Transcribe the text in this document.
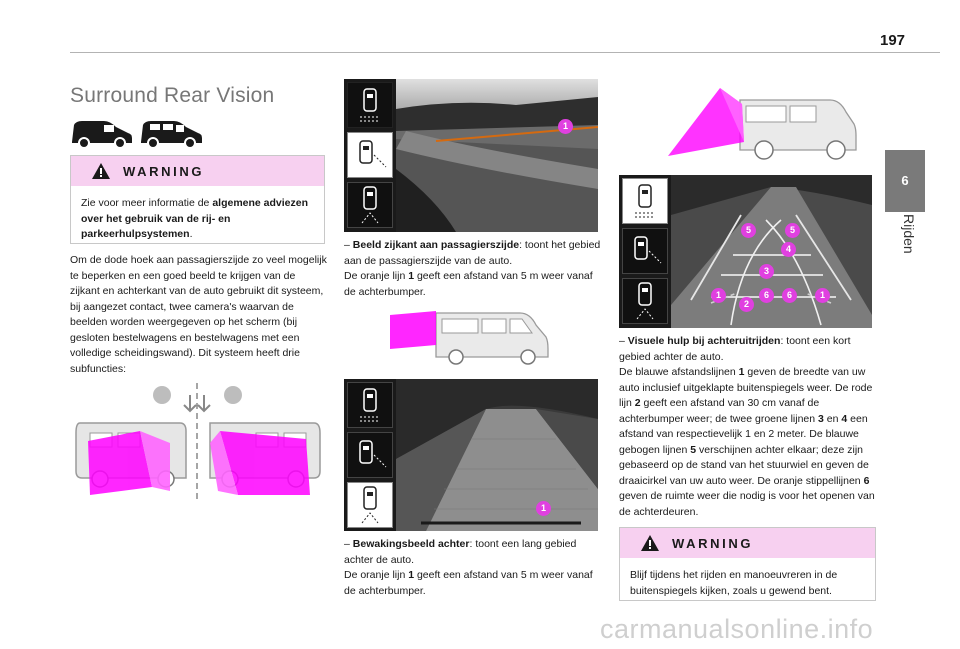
197
6
Rijden
Surround Rear Vision
WARNING
Zie voor meer informatie de algemene adviezen over het gebruik van de rij- en parkeerhulpsystemen.
Om de dode hoek aan passagierszijde zo veel mogelijk te beperken en een goed beeld te krijgen van de zijkant en achterkant van de auto gebruikt dit systeem, bij aangezet contact, twee camera's waarvan de beelden worden weergegeven op het scherm (bij gesloten bestelwagens en bestelwagens met een volledige scheidingswand). Dit systeem heeft drie subfuncties:
1
– Beeld zijkant aan passagierszijde: toont het gebied aan de passagierszijde van de auto.
De oranje lijn 1 geeft een afstand van 5 m weer vanaf de achterbumper.
1
– Bewakingsbeeld achter: toont een lang gebied achter de auto.
De oranje lijn 1 geeft een afstand van 5 m weer vanaf de achterbumper.
5	5
4
3
1
2
6	6	1
– Visuele hulp bij achteruitrijden: toont een kort gebied achter de auto.
De blauwe afstandslijnen 1 geven de breedte van uw auto inclusief uitgeklapte buitenspiegels weer. De rode lijn 2 geeft een afstand van 30 cm vanaf de achterbumper weer; de twee groene lijnen 3 en 4 een afstand van respectievelijk 1 en 2 meter. De blauwe gebogen lijnen 5 verschijnen achter elkaar; deze zijn gebaseerd op de stand van het stuurwiel en geven de draaicirkel van uw auto weer. De oranje stippellijnen 6 geven de ruimte weer die nodig is voor het openen van de achterdeuren.
WARNING
Blijf tijdens het rijden en manoeuvreren in de buitenspiegels kijken, zoals u gewend bent.
carmanualsonline.info
